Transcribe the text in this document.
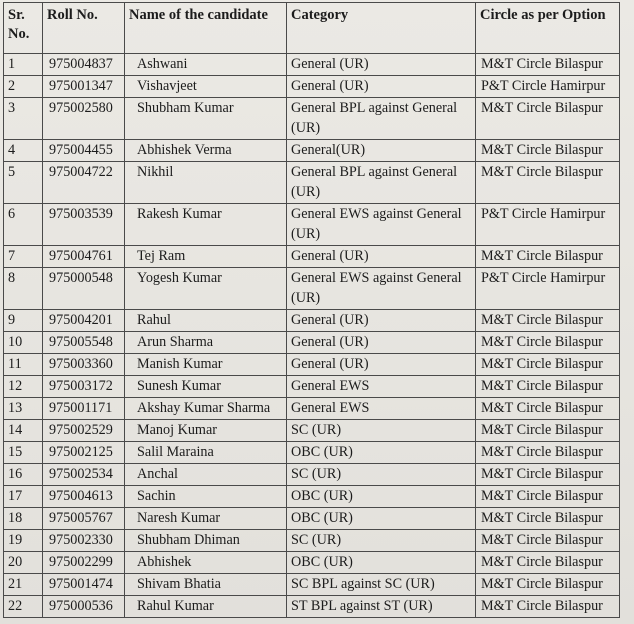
Sr. No.	Roll No.	Name of the candidate	Category	Circle as per Option
1	975004837	Ashwani	General (UR)	M&T Circle Bilaspur
2	975001347	Vishavjeet	General (UR)	P&T Circle Hamirpur
3	975002580	Shubham Kumar	General BPL against General (UR)	M&T Circle Bilaspur
4	975004455	Abhishek Verma	General(UR)	M&T Circle Bilaspur
5	975004722	Nikhil	General BPL against General (UR)	M&T Circle Bilaspur
6	975003539	Rakesh Kumar	General EWS against General (UR)	P&T Circle Hamirpur
7	975004761	Tej Ram	General (UR)	M&T Circle Bilaspur
8	975000548	Yogesh Kumar	General EWS against General (UR)	P&T Circle Hamirpur
9	975004201	Rahul	General (UR)	M&T Circle Bilaspur
10	975005548	Arun Sharma	General (UR)	M&T Circle Bilaspur
11	975003360	Manish Kumar	General (UR)	M&T Circle Bilaspur
12	975003172	Sunesh Kumar	General EWS	M&T Circle Bilaspur
13	975001171	Akshay Kumar Sharma	General EWS	M&T Circle Bilaspur
14	975002529	Manoj Kumar	SC (UR)	M&T Circle Bilaspur
15	975002125	Salil Maraina	OBC (UR)	M&T Circle Bilaspur
16	975002534	Anchal	SC (UR)	M&T Circle Bilaspur
17	975004613	Sachin	OBC (UR)	M&T Circle Bilaspur
18	975005767	Naresh Kumar	OBC (UR)	M&T Circle Bilaspur
19	975002330	Shubham Dhiman	SC (UR)	M&T Circle Bilaspur
20	975002299	Abhishek	OBC (UR)	M&T Circle Bilaspur
21	975001474	Shivam Bhatia	SC BPL against SC (UR)	M&T Circle Bilaspur
22	975000536	Rahul Kumar	ST BPL against ST (UR)	M&T Circle Bilaspur
